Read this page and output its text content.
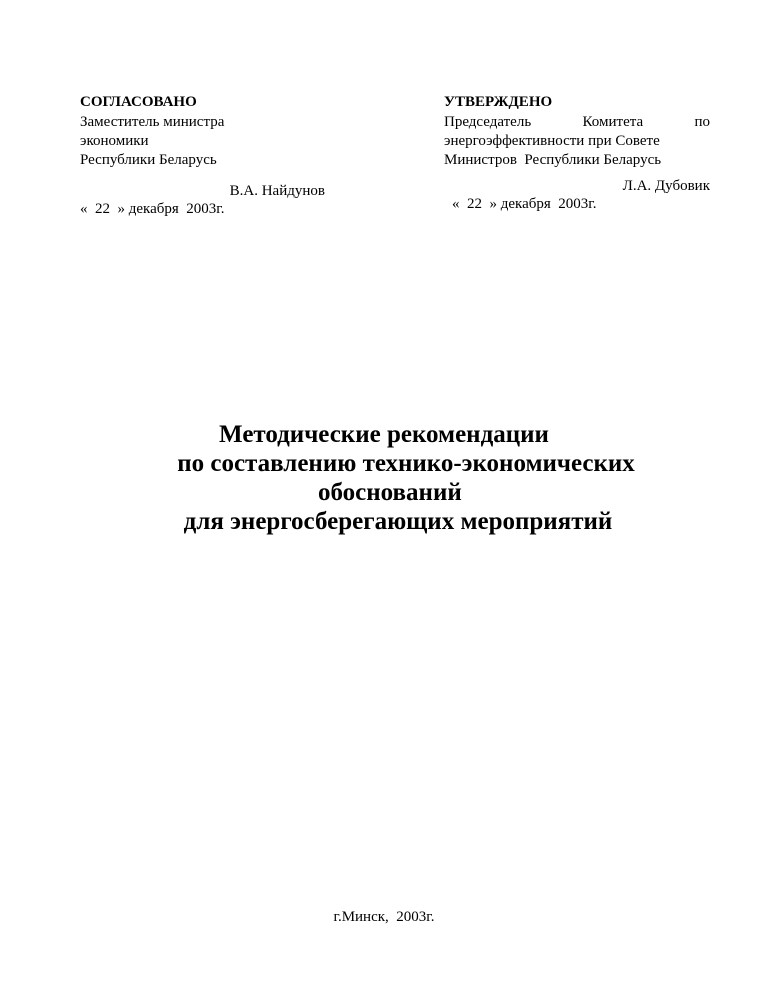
СОГЛАСОВАНО
Заместитель министра
экономики
Республики Беларусь
В.А. Найдунов
«  22  » декабря  2003г.
УТВЕРЖДЕНО
Председатель Комитета по
энергоэффективности при Совете
Министров  Республики Беларусь
Л.А. Дубовик
«  22  » декабря  2003г.
Методические рекомендации
по составлению технико-экономических
обоснований
для энергосберегающих мероприятий
г.Минск,  2003г.
